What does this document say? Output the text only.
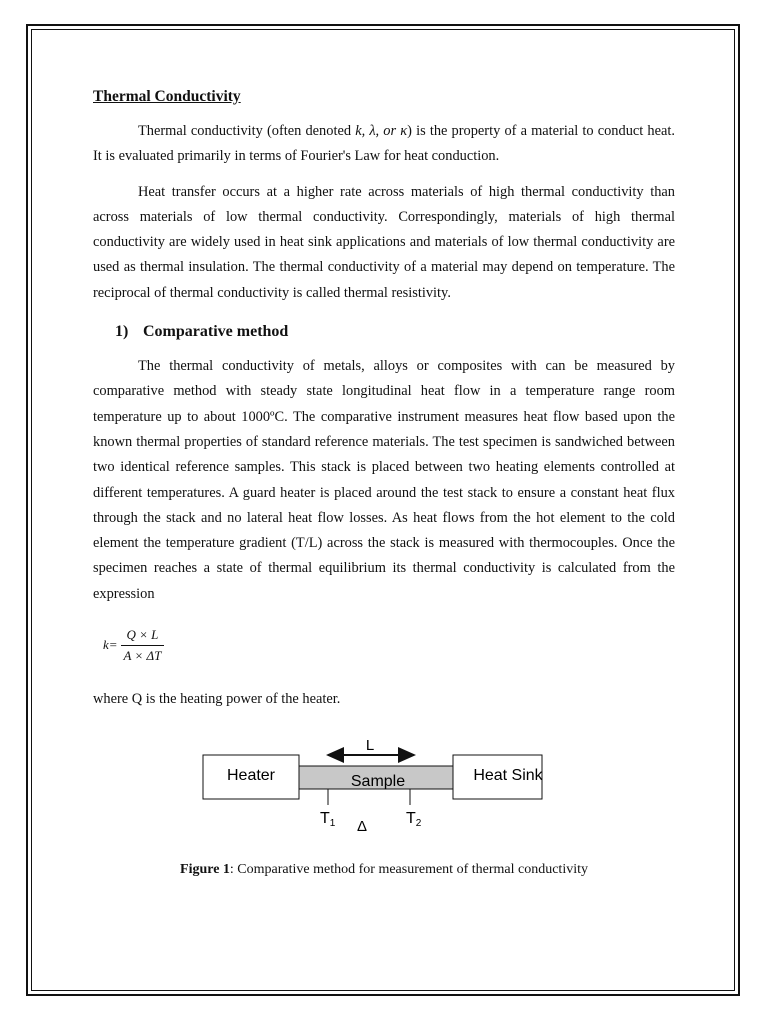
Thermal Conductivity

Thermal conductivity (often denoted k, λ, or κ) is the property of a material to conduct heat. It is evaluated primarily in terms of Fourier's Law for heat conduction.

Heat transfer occurs at a higher rate across materials of high thermal conductivity than across materials of low thermal conductivity. Correspondingly, materials of high thermal conductivity are widely used in heat sink applications and materials of low thermal conductivity are used as thermal insulation. The thermal conductivity of a material may depend on temperature. The reciprocal of thermal conductivity is called thermal resistivity.

1) Comparative method

The thermal conductivity of metals, alloys or composites with can be measured by comparative method with steady state longitudinal heat flow in a temperature range room temperature up to about 1000ºC. The comparative instrument measures heat flow based upon the known thermal properties of standard reference materials. The test specimen is sandwiched between two identical reference samples. This stack is placed between two heating elements controlled at different temperatures. A guard heater is placed around the test stack to ensure a constant heat flux through the stack and no lateral heat flow losses. As heat flows from the hot element to the cold element the temperature gradient (T/L) across the stack is measured with thermocouples. Once the specimen reaches a state of thermal equilibrium its thermal conductivity is calculated from the expression

$k= \frac{Q \times L}{A \times \Delta T}$

where Q is the heating power of the heater.

Heater	Sample	Heat Sink
L
T1	T2
Δ
Figure 1: Comparative method for measurement of thermal conductivity
